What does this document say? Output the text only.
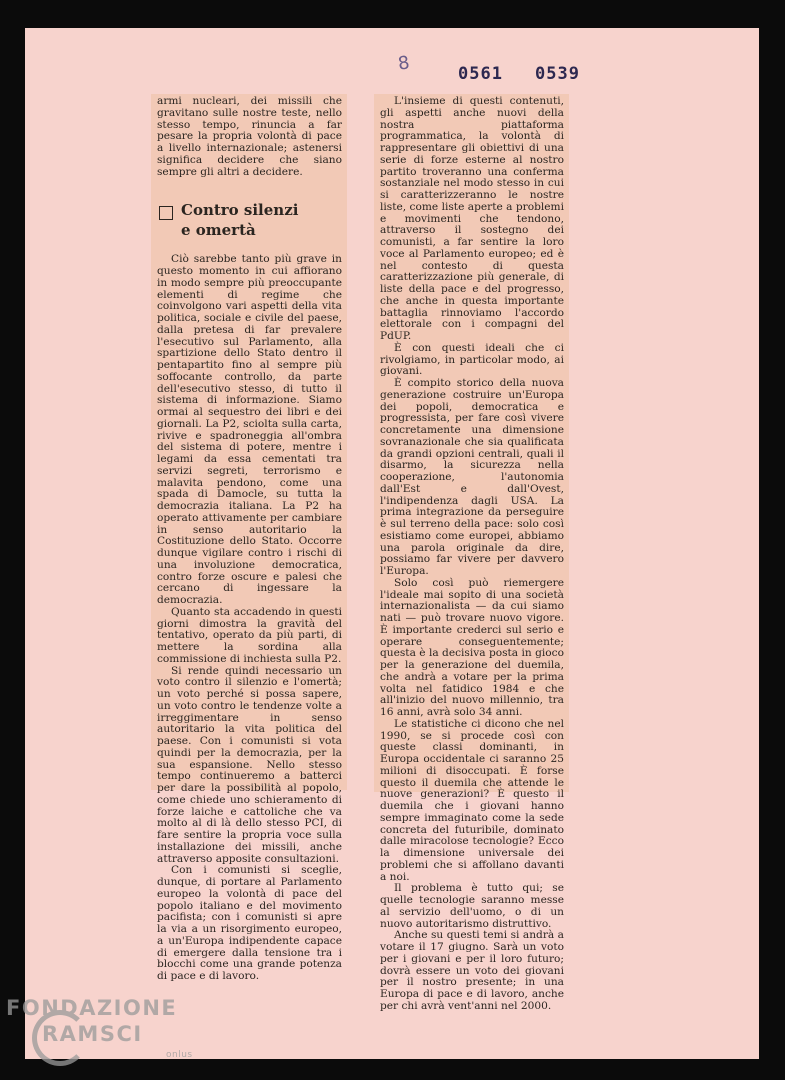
8	0561 0539

armi nucleari, dei missili che gravitano sulle nostre teste, nello stesso tempo, rinuncia a far pesare la propria volontà di pace a livello internazionale; astenersi significa decidere che siano sempre gli altri a decidere.

Contro silenzi
e omertà

Ciò sarebbe tanto più grave in questo momento in cui affiorano in modo sempre più preoccupante elementi di regime che coinvolgono vari aspetti della vita politica, sociale e civile del paese, dalla pretesa di far prevalere l'esecutivo sul Parlamento, alla spartizione dello Stato dentro il pentapartito fino al sempre più soffocante controllo, da parte dell'esecutivo stesso, di tutto il sistema di informazione. Siamo ormai al sequestro dei libri e dei giornali. La P2, sciolta sulla carta, rivive e spadroneggia all'ombra del sistema di potere, mentre i legami da essa cementati tra servizi segreti, terrorismo e malavita pendono, come una spada di Damocle, su tutta la democrazia italiana. La P2 ha operato attivamente per cambiare in senso autoritario la Costituzione dello Stato. Occorre dunque vigilare contro i rischi di una involuzione democratica, contro forze oscure e palesi che cercano di ingessare la democrazia.

Quanto sta accadendo in questi giorni dimostra la gravità del tentativo, operato da più parti, di mettere la sordina alla commissione di inchiesta sulla P2.

Si rende quindi necessario un voto contro il silenzio e l'omertà; un voto perché si possa sapere, un voto contro le tendenze volte a irreggimentare in senso autoritario la vita politica del paese. Con i comunisti si vota quindi per la democrazia, per la sua espansione. Nello stesso tempo continueremo a batterci per dare la possibilità al popolo, come chiede uno schieramento di forze laiche e cattoliche che va molto al di là dello stesso PCI, di fare sentire la propria voce sulla installazione dei missili, anche attraverso apposite consultazioni.

Con i comunisti si sceglie, dunque, di portare al Parlamento europeo la volontà di pace del popolo italiano e del movimento pacifista; con i comunisti si apre la via a un risorgimento europeo, a un'Europa indipendente capace di emergere dalla tensione tra i blocchi come una grande potenza di pace e di lavoro.

L'insieme di questi contenuti, gli aspetti anche nuovi della nostra piattaforma programmatica, la volontà di rappresentare gli obiettivi di una serie di forze esterne al nostro partito troveranno una conferma sostanziale nel modo stesso in cui si caratterizzeranno le nostre liste, come liste aperte a problemi e movimenti che tendono, attraverso il sostegno dei comunisti, a far sentire la loro voce al Parlamento europeo; ed è nel contesto di questa caratterizzazione più generale, di liste della pace e del progresso, che anche in questa importante battaglia rinnoviamo l'accordo elettorale con i compagni del PdUP.

È con questi ideali che ci rivolgiamo, in particolar modo, ai giovani.

È compito storico della nuova generazione costruire un'Europa dei popoli, democratica e progressista, per fare così vivere concretamente una dimensione sovranazionale che sia qualificata da grandi opzioni centrali, quali il disarmo, la sicurezza nella cooperazione, l'autonomia dall'Est e dall'Ovest, l'indipendenza dagli USA. La prima integrazione da perseguire è sul terreno della pace: solo così esistiamo come europei, abbiamo una parola originale da dire, possiamo far vivere per davvero l'Europa.

Solo così può riemergere l'ideale mai sopito di una società internazionalista — da cui siamo nati — può trovare nuovo vigore. È importante crederci sul serio e operare conseguentemente; questa è la decisiva posta in gioco per la generazione del duemila, che andrà a votare per la prima volta nel fatidico 1984 e che all'inizio del nuovo millennio, tra 16 anni, avrà solo 34 anni.

Le statistiche ci dicono che nel 1990, se si procede così con queste classi dominanti, in Europa occidentale ci saranno 25 milioni di disoccupati. È forse questo il duemila che attende le nuove generazioni? È questo il duemila che i giovani hanno sempre immaginato come la sede concreta del futuribile, dominato dalle miracolose tecnologie? Ecco la dimensione universale dei problemi che si affollano davanti a noi.

Il problema è tutto qui; se quelle tecnologie saranno messe al servizio dell'uomo, o di un nuovo autoritarismo distruttivo.

Anche su questi temi si andrà a votare il 17 giugno. Sarà un voto per i giovani e per il loro futuro; dovrà essere un voto dei giovani per il nostro presente; in una Europa di pace e di lavoro, anche per chi avrà vent'anni nel 2000.

FONDAZIONE
RAMSCI
onlus
